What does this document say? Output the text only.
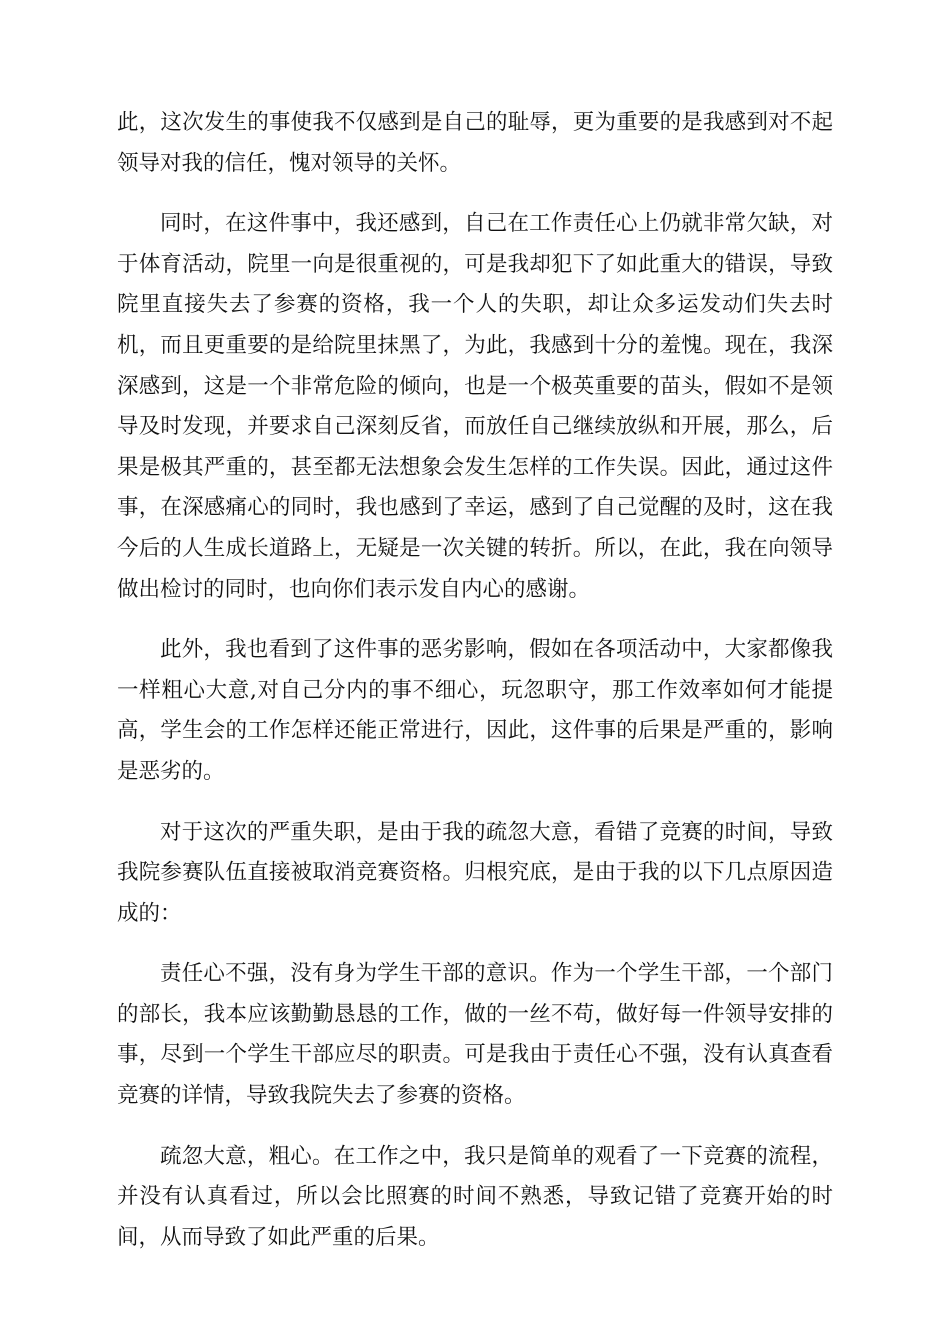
此，这次发生的事使我不仅感到是自己的耻辱，更为重要的是我感到对不起领导对我的信任，愧对领导的关怀。

同时，在这件事中，我还感到，自己在工作责任心上仍就非常欠缺，对于体育活动，院里一向是很重视的，可是我却犯下了如此重大的错误，导致院里直接失去了参赛的资格，我一个人的失职，却让众多运发动们失去时机，而且更重要的是给院里抹黑了，为此，我感到十分的羞愧。现在，我深深感到，这是一个非常危险的倾向，也是一个极英重要的苗头，假如不是领导及时发现，并要求自己深刻反省，而放任自己继续放纵和开展，那么，后果是极其严重的，甚至都无法想象会发生怎样的工作失误。因此，通过这件事，在深感痛心的同时，我也感到了幸运，感到了自己觉醒的及时，这在我今后的人生成长道路上，无疑是一次关键的转折。所以，在此，我在向领导做出检讨的同时，也向你们表示发自内心的感谢。

此外，我也看到了这件事的恶劣影响，假如在各项活动中，大家都像我一样粗心大意,对自己分内的事不细心，玩忽职守，那工作效率如何才能提高，学生会的工作怎样还能正常进行，因此，这件事的后果是严重的，影响是恶劣的。

对于这次的严重失职，是由于我的疏忽大意，看错了竞赛的时间，导致我院参赛队伍直接被取消竞赛资格。归根究底，是由于我的以下几点原因造成的：

责任心不强，没有身为学生干部的意识。作为一个学生干部，一个部门的部长，我本应该勤勤恳恳的工作，做的一丝不苟，做好每一件领导安排的事，尽到一个学生干部应尽的职责。可是我由于责任心不强，没有认真查看竞赛的详情，导致我院失去了参赛的资格。

疏忽大意，粗心。在工作之中，我只是简单的观看了一下竞赛的流程，并没有认真看过，所以会比照赛的时间不熟悉，导致记错了竞赛开始的时间，从而导致了如此严重的后果。
